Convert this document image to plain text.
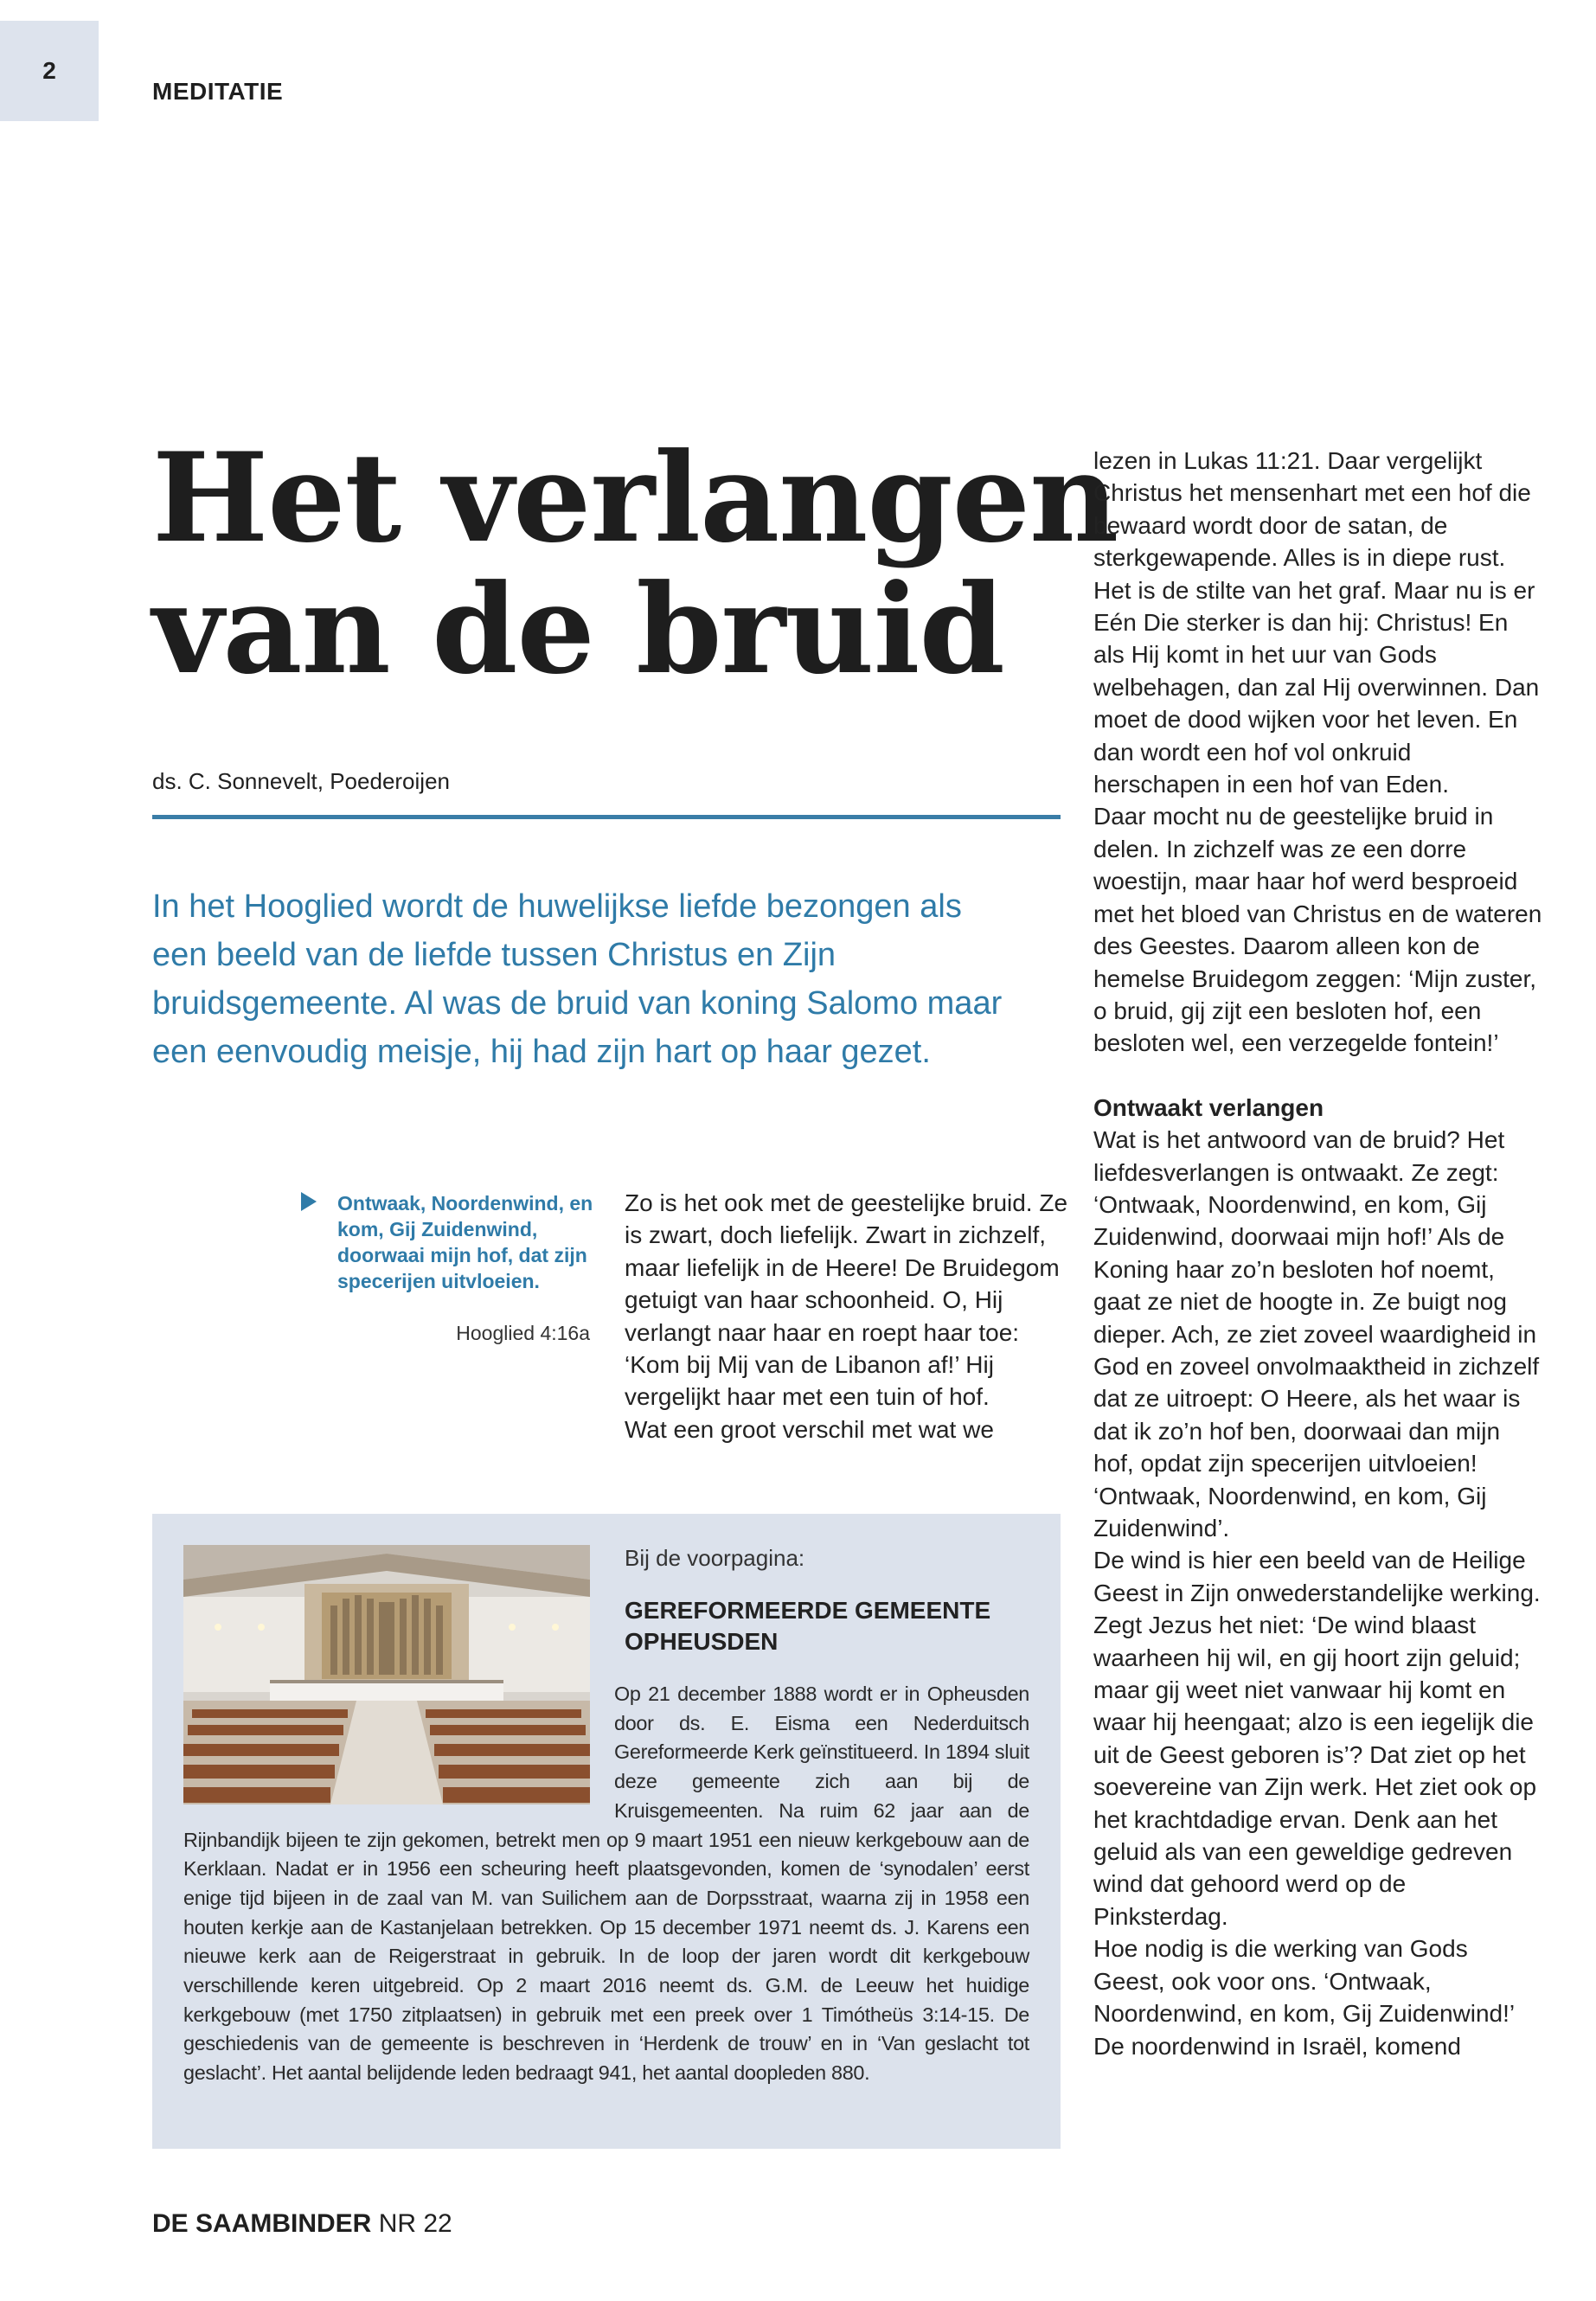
2
MEDITATIE
Het verlangen
van de bruid
ds. C. Sonnevelt, Poederoijen
In het Hooglied wordt de huwelijkse liefde bezongen als een beeld van de liefde tussen Christus en Zijn bruidsgemeente. Al was de bruid van koning Salomo maar een eenvoudig meisje, hij had zijn hart op haar gezet.
Ontwaak, Noordenwind, en kom, Gij Zuidenwind, doorwaai mijn hof, dat zijn specerijen uitvloeien.
Hooglied 4:16a

Zo is het ook met de geestelijke bruid. Ze is zwart, doch liefelijk. Zwart in zichzelf, maar liefelijk in de Heere! De Bruidegom getuigt van haar schoonheid. O, Hij verlangt naar haar en roept haar toe: ‘Kom bij Mij van de Libanon af!’ Hij vergelijkt haar met een tuin of hof.

Wat een groot verschil met wat we

lezen in Lukas 11:21. Daar vergelijkt Christus het mensenhart met een hof die bewaard wordt door de satan, de sterkgewapende. Alles is in diepe rust. Het is de stilte van het graf. Maar nu is er Eén Die sterker is dan hij: Christus! En als Hij komt in het uur van Gods welbehagen, dan zal Hij overwinnen. Dan moet de dood wijken voor het leven. En dan wordt een hof vol onkruid herschapen in een hof van Eden.

Daar mocht nu de geestelijke bruid in delen. In zichzelf was ze een dorre woestijn, maar haar hof werd besproeid met het bloed van Christus en de wateren des Geestes. Daarom alleen kon de hemelse Bruidegom zeggen: ‘Mijn zuster, o bruid, gij zijt een besloten hof, een besloten wel, een verzegelde fontein!’

Ontwaakt verlangen

Wat is het antwoord van de bruid? Het liefdesverlangen is ontwaakt. Ze zegt: ‘Ontwaak, Noordenwind, en kom, Gij Zuidenwind, doorwaai mijn hof!’ Als de Koning haar zo’n besloten hof noemt, gaat ze niet de hoogte in. Ze buigt nog dieper. Ach, ze ziet zoveel waardigheid in God en zoveel onvolmaaktheid in zichzelf dat ze uitroept: O Heere, als het waar is dat ik zo’n hof ben, doorwaai dan mijn hof, opdat zijn specerijen uitvloeien! ‘Ontwaak, Noordenwind, en kom, Gij Zuidenwind’.

De wind is hier een beeld van de Heilige Geest in Zijn onwederstandelijke werking. Zegt Jezus het niet: ‘De wind blaast waarheen hij wil, en gij hoort zijn geluid; maar gij weet niet vanwaar hij komt en waar hij heengaat; alzo is een iegelijk die uit de Geest geboren is’? Dat ziet op het soevereine van Zijn werk. Het ziet ook op het krachtdadige ervan. Denk aan het geluid als van een geweldige gedreven wind dat gehoord werd op de Pinksterdag.

Hoe nodig is die werking van Gods Geest, ook voor ons. ‘Ontwaak, Noordenwind, en kom, Gij Zuidenwind!’

De noordenwind in Israël, komend

Bij de voorpagina:
GEREFORMEERDE GEMEENTE OPHEUSDEN
Op 21 december 1888 wordt er in Opheusden door ds. E. Eisma een Nederduitsch Gereformeerde Kerk geïnstitueerd. In 1894 sluit deze gemeente zich aan bij de Kruisgemeenten. Na ruim 62 jaar aan de Rijnbandijk bijeen te zijn gekomen, betrekt men op 9 maart 1951 een nieuw kerkgebouw aan de Kerklaan. Nadat er in 1956 een scheuring heeft plaatsgevonden, komen de ‘synodalen’ eerst enige tijd bijeen in de zaal van M. van Suilichem aan de Dorpsstraat, waarna zij in 1958 een houten kerkje aan de Kastanjelaan betrekken. Op 15 december 1971 neemt ds. J. Karens een nieuwe kerk aan de Reigerstraat in gebruik. In de loop der jaren wordt dit kerkgebouw verschillende keren uitgebreid. Op 2 maart 2016 neemt ds. G.M. de Leeuw het huidige kerkgebouw (met 1750 zitplaatsen) in gebruik met een preek over 1 Timótheüs 3:14-15. De geschiedenis van de gemeente is beschreven in ‘Herdenk de trouw’ en in ‘Van geslacht tot geslacht’. Het aantal belijdende leden bedraagt 941, het aantal doopleden 880.
DE SAAMBINDER NR 22
